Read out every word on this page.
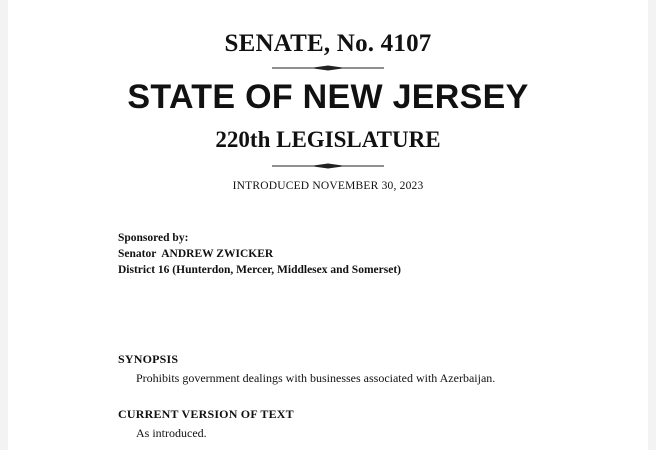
SENATE, No. 4107
STATE OF NEW JERSEY
220th LEGISLATURE
INTRODUCED NOVEMBER 30, 2023
Sponsored by:
Senator  ANDREW ZWICKER
District 16 (Hunterdon, Mercer, Middlesex and Somerset)
SYNOPSIS
Prohibits government dealings with businesses associated with Azerbaijan.
CURRENT VERSION OF TEXT
As introduced.
